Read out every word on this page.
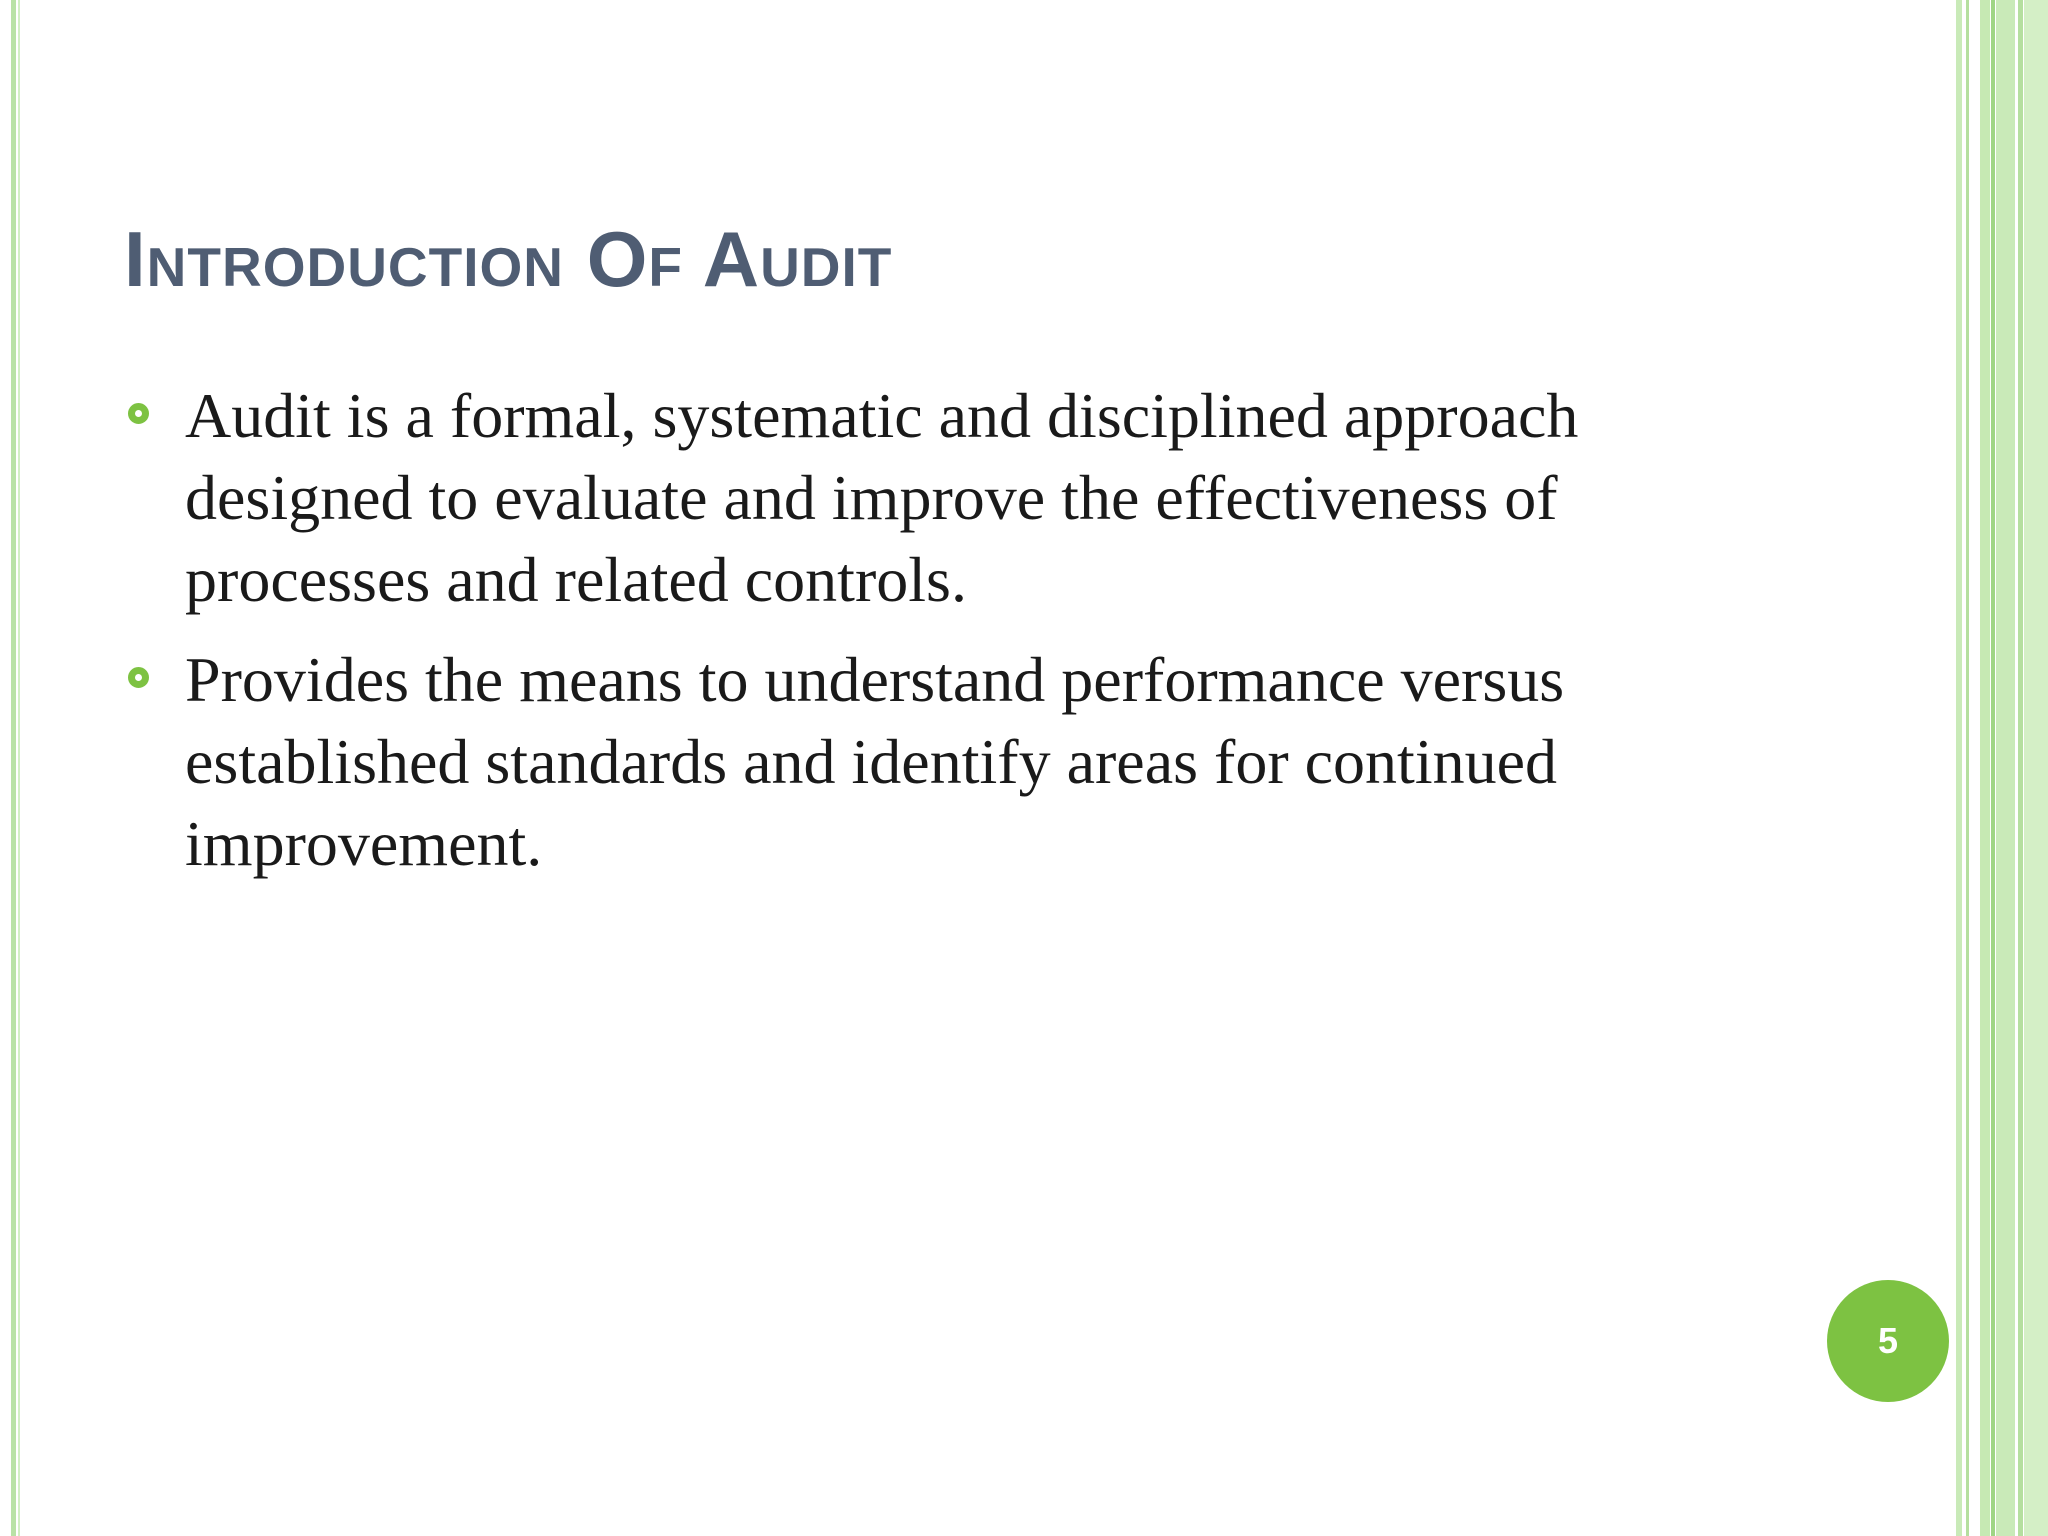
Introduction Of Audit
Audit is a formal, systematic and disciplined approach designed to evaluate and improve the effectiveness of processes and related controls.
Provides the means to understand performance versus established standards and identify areas for continued improvement.
5
